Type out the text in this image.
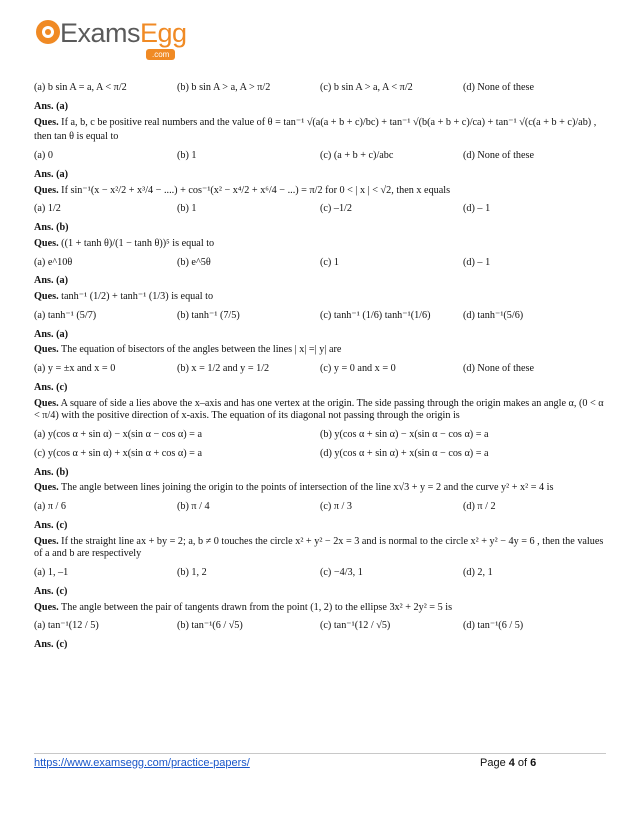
ExamsEgg
.com
(a) b sin A = a, A < π/2	(b) b sin A > a, A > π/2	(c) b sin A > a, A < π/2	(d) None of these
Ans. (a)
Ques. If a, b, c be positive real numbers and the value of θ = tan⁻¹ √(a(a + b + c)/bc) + tan⁻¹ √(b(a + b + c)/ca) + tan⁻¹ √(c(a + b + c)/ab) ,
then tan θ is equal to
(a) 0	(b) 1	(c) (a + b + c)/abc	(d) None of these
Ans. (a)
Ques. If sin⁻¹(x − x²/2 + x³/4 − ....) + cos⁻¹(x² − x⁴/2 + x⁶/4 − ...) = π/2 for 0 < | x | < √2, then x equals
(a) 1/2	(b) 1	(c) –1/2	(d) – 1
Ans. (b)
Ques. ((1 + tanh θ)/(1 − tanh θ))⁵ is equal to
(a) e^10θ	(b) e^5θ	(c) 1	(d) – 1
Ans. (a)
Ques. tanh⁻¹ (1/2) + tanh⁻¹ (1/3) is equal to
(a) tanh⁻¹ (5/7)	(b) tanh⁻¹ (7/5)	(c) tanh⁻¹ (1/6) tanh⁻¹(1/6)	(d) tanh⁻¹(5/6)
Ans. (a)
Ques. The equation of bisectors of the angles between the lines | x| =| y| are
(a) y = ±x and x = 0	(b) x = 1/2 and y = 1/2	(c) y = 0 and x = 0	(d) None of these
Ans. (c)
Ques. A square of side a lies above the x–axis and has one vertex at the origin. The side passing through the origin makes an angle α, (0 < α < π/4) with the positive direction of x-axis. The equation of its diagonal not passing through the origin is
(a) y(cos α + sin α) − x(sin α − cos α) = a	(b) y(cos α + sin α) − x(sin α − cos α) = a
(c) y(cos α + sin α) + x(sin α + cos α) = a	(d) y(cos α + sin α) + x(sin α − cos α) = a
Ans. (b)
Ques. The angle between lines joining the origin to the points of intersection of the line x√3 + y = 2 and the curve y² + x² = 4 is
(a) π / 6	(b) π / 4	(c) π / 3	(d) π / 2
Ans. (c)
Ques. If the straight line ax + by = 2; a, b ≠ 0 touches the circle x² + y² − 2x = 3 and is normal to the circle x² + y² − 4y = 6 , then the values of a and b are respectively
(a) 1, –1	(b) 1, 2	(c) −4/3, 1	(d) 2, 1
Ans. (c)
Ques. The angle between the pair of tangents drawn from the point (1, 2) to the ellipse 3x² + 2y² = 5 is
(a) tan⁻¹(12 / 5)	(b) tan⁻¹(6 / √5)	(c) tan⁻¹(12 / √5)	(d) tan⁻¹(6 / 5)
Ans. (c)
https://www.examsegg.com/practice-papers/	Page 4 of 6
